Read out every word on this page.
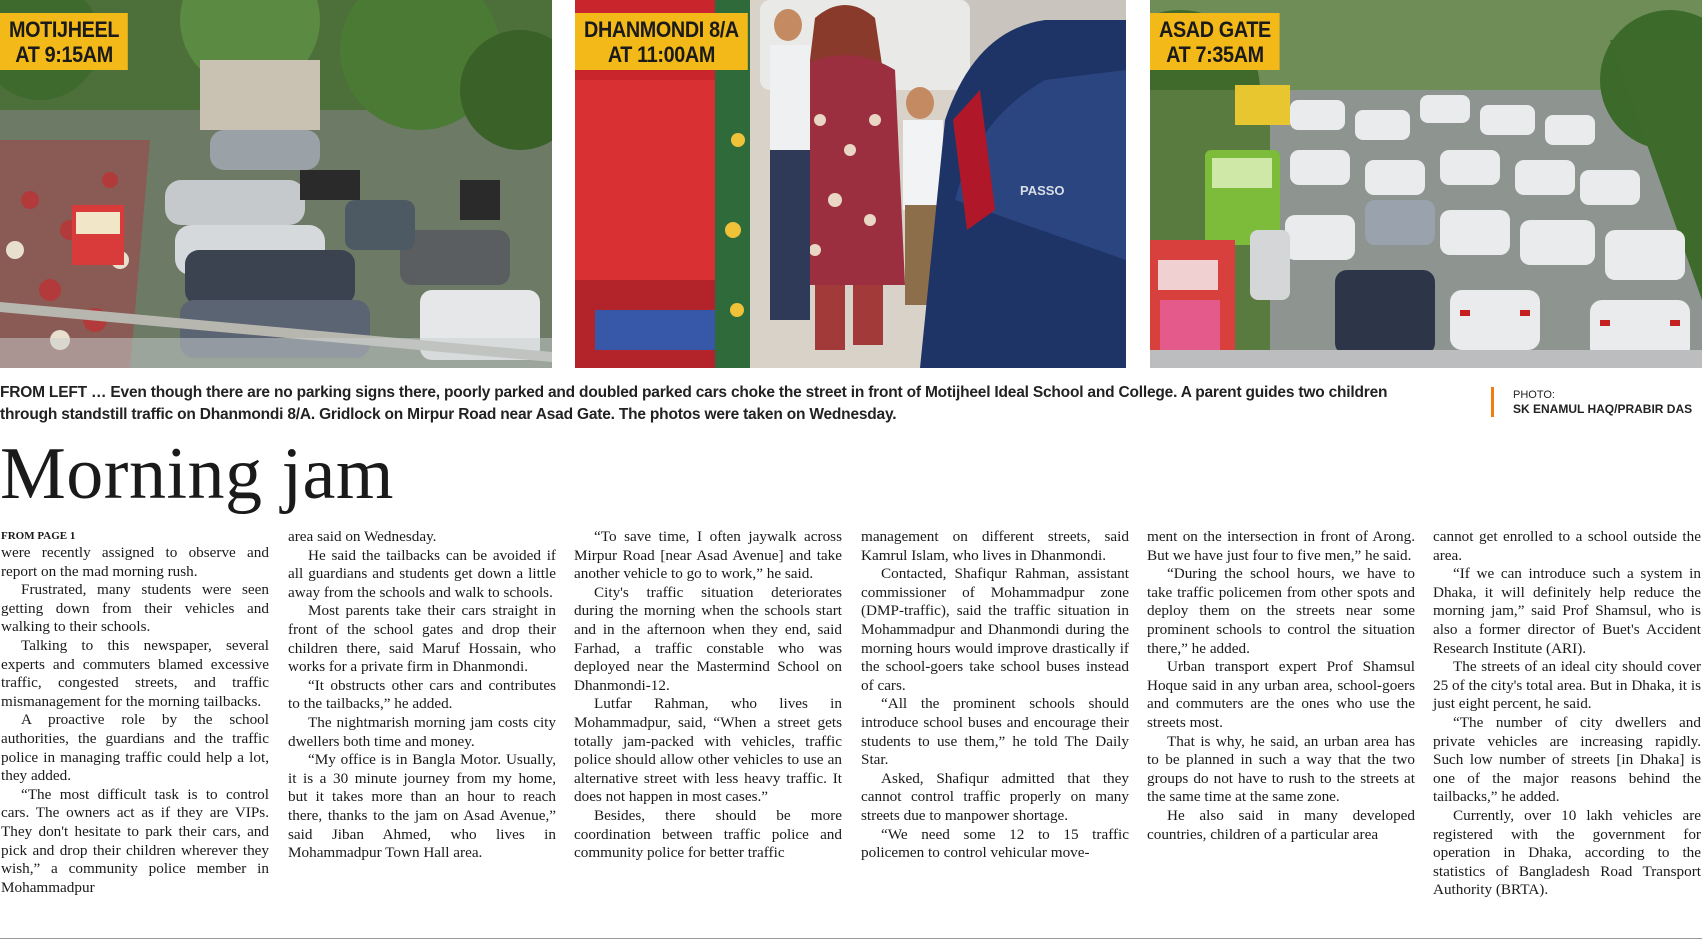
MOTIJHEEL
AT 9:15AM
PASSO
DHANMONDI 8/A
AT 11:00AM
ASAD GATE
AT 7:35AM
FROM LEFT … Even though there are no parking signs there, poorly parked and doubled parked cars choke the street in front of Motijheel Ideal School and College. A parent guides two children through standstill traffic on Dhanmondi 8/A. Gridlock on Mirpur Road near Asad Gate. The photos were taken on Wednesday.
PHOTO:
SK ENAMUL HAQ/PRABIR DAS
Morning jam
FROM PAGE 1

were recently assigned to observe and report on the mad morning rush.

Frustrated, many students were seen getting down from their vehicles and walking to their schools.

Talking to this newspaper, several experts and commuters blamed excessive traffic, congested streets, and traffic mismanagement for the morning tailbacks.

A proactive role by the school authorities, the guardians and the traffic police in managing traffic could help a lot, they added.

“The most difficult task is to control cars. The owners act as if they are VIPs. They don't hesitate to park their cars, and pick and drop their children wherever they wish,” a community police member in Mohammadpur

area said on Wednesday.

He said the tailbacks can be avoided if all guardians and students get down a little away from the schools and walk to schools.

Most parents take their cars straight in front of the school gates and drop their children there, said Maruf Hossain, who works for a private firm in Dhanmondi.

“It obstructs other cars and contributes to the tailbacks,” he added.

The nightmarish morning jam costs city dwellers both time and money.

“My office is in Bangla Motor. Usually, it is a 30 minute journey from my home, but it takes more than an hour to reach there, thanks to the jam on Asad Avenue,” said Jiban Ahmed, who lives in Mohammadpur Town Hall area.

“To save time, I often jaywalk across Mirpur Road [near Asad Avenue] and take another vehicle to go to work,” he said.

City's traffic situation deteriorates during the morning when the schools start and in the afternoon when they end, said Farhad, a traffic constable who was deployed near the Mastermind School on Dhanmondi-12.

Lutfar Rahman, who lives in Mohammadpur, said, “When a street gets totally jam-packed with vehicles, traffic police should allow other vehicles to use an alternative street with less heavy traffic. It does not happen in most cases.”

Besides, there should be more coordination between traffic police and community police for better traffic

management on different streets, said Kamrul Islam, who lives in Dhanmondi.

Contacted, Shafiqur Rahman, assistant commissioner of Mohammadpur zone (DMP-traffic), said the traffic situation in Mohammadpur and Dhanmondi during the morning hours would improve drastically if the school-goers take school buses instead of cars.

“All the prominent schools should introduce school buses and encourage their students to use them,” he told The Daily Star.

Asked, Shafiqur admitted that they cannot control traffic properly on many streets due to manpower shortage.

“We need some 12 to 15 traffic policemen to control vehicular move-

ment on the intersection in front of Arong. But we have just four to five men,” he said.

“During the school hours, we have to take traffic policemen from other spots and deploy them on the streets near some prominent schools to control the situation there,” he added.

Urban transport expert Prof Shamsul Hoque said in any urban area, school-goers and commuters are the ones who use the streets most.

That is why, he said, an urban area has to be planned in such a way that the two groups do not have to rush to the streets at the same time at the same zone.

He also said in many developed countries, children of a particular area

cannot get enrolled to a school outside the area.

“If we can introduce such a system in Dhaka, it will definitely help reduce the morning jam,” said Prof Shamsul, who is also a former director of Buet's Accident Research Institute (ARI).

The streets of an ideal city should cover 25 of the city's total area. But in Dhaka, it is just eight percent, he said.

“The number of city dwellers and private vehicles are increasing rapidly. Such low number of streets [in Dhaka] is one of the major reasons behind the tailbacks,” he added.

Currently, over 10 lakh vehicles are registered with the government for operation in Dhaka, according to the statistics of Bangladesh Road Transport Authority (BRTA).
